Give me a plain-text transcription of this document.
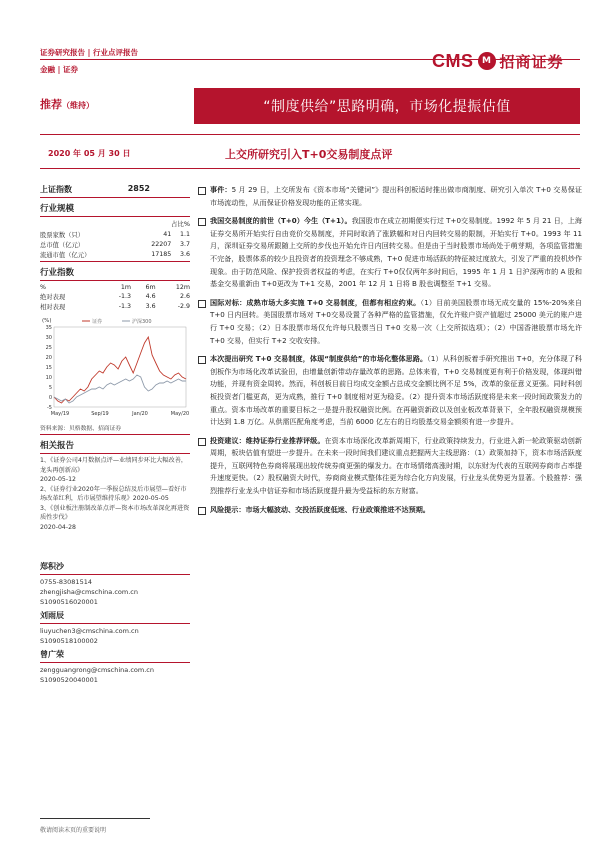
证券研究报告 | 行业点评报告
金融 | 证券	CMS M 招商证券
推荐（维持）	“制度供给”思路明确，市场化提振估值
2020 年 05 月 30 日	上交所研究引入T+0交易制度点评
上证指数	2852
行业规模
占比%
股票家数（只）	41	1.1
总市值（亿元）	22207	3.7
流通市值（亿元）	17185	3.6
行业指数
%	1m	6m	12m
绝对表现	-1.3	4.6	2.6
相对表现	-1.3	3.6	-2.9
(%)	证券	沪深300
35
30
25
20
15
10
5
0
-5
May/19	Sep/19	Jan/20	May/20
资料来源：贝格数据、招商证券
相关报告
1、《证券公司4月数据点评—业绩同步环比大幅改善，龙头再创新高》
2020-05-12
2、《证券行业2020年一季报总结及后市展望—看好市场改革红利，后市展望维持乐观》2020-05-05
3、《创业板注册制改革点评—资本市场改革深化再进资质性步伐》
2020-04-28
郑积沙
0755-83081514
zhengjisha@cmschina.com.cn
S1090516020001
刘雨辰
liuyuchen3@cmschina.com.cn
S1090518100002
曾广荣
zengguangrong@cmschina.com.cn
S1090520040001

事件：5 月 29 日，上交所发布《资本市场“关键词”》提出科创板适时推出做市商制度、研究引入单次 T+0 交易保证市场流动性，从而保证价格发现功能的正常实现。

我国交易制度的前世（T+0）今生（T+1）。我国股市在成立初期便实行过 T+0交易制度。1992 年 5 月 21 日，上海证券交易所开始实行自由竞价交易制度，并同时取消了涨跌幅和对日内回转交易的限制，开始实行 T+0。1993 年 11 月，深圳证券交易所跟随上交所的步伐也开始允许日内回转交易。但是由于当时股票市场尚处于萌芽期，各项监管措施不完备，股票体系的较少且投资者的投资理念不够成熟，T+0 促进市场活跃的特征被过度放大，引发了严重的投机炒作现象。由于防范风险、保护投资者权益的考虑，在实行 T+0仅仅两年多时间后，1995 年 1 月 1 日沪深两市的 A 股和基金交易重新由 T+0更改为 T+1 交易，2001 年 12 月 1 日将 B 股也调整至 T+1 交易。

国际对标：成熟市场大多实施 T+0 交易制度，但都有相应约束。（1）目前美国股票市场无成交量的 15%-20%来自 T+0 日内回转。美国股票市场对 T+0交易设置了各种严格的监管措施，仅允许账户资产值超过 25000 美元的账户进行 T+0 交易；（2）日本股票市场仅允许每只股票当日 T+0 交易一次（上交所拟选项）；（2）中国香港股票市场允许 T+0 交易，但实行 T+2 交收安排。

本次提出研究 T+0 交易制度，体现“制度供给”的市场化整体思路。（1）从科创板着手研究推出 T+0，充分体现了科创板作为市场化改革试验田，由增量创新带动存量改革的思路。总体来看，T+0 交易制度更有利于价格发现，体现纠错功能，并现有资金周转。然而，科创板目前日均成交金额占总成交金额比例不足 5%，改革的象征意义更强。同时科创板投资者门槛更高，更为成熟，推行 T+0 制度相对更为稳妥。（2）提升资本市场活跃度将是未来一段时间政策发力的重点。资本市场改革的重要目标之一是提升股权融资比例。在再融资新政以及创业板改革背景下，全年股权融资规模预计达到 1.8 万亿。从供需匹配角度考虑，当前 6000 亿左右的日均股基交易金额须有进一步提升。

投资建议：维持证券行业推荐评级。在资本市场深化改革新周期下，行业政策持续发力，行业进入新一轮政策驱动创新周期，板块估值有望进一步提升。在未来一段时间我们建议重点把握两大主线思路：（1）政策加持下，资本市场活跃度提升，互联网特色券商将展现出较传统券商更强的爆发力。在市场情绪高涨时期，以东财为代表的互联网券商市占率提升速度更快。（2）股权融资大时代，券商商业模式整体往更为综合化方向发展，行业龙头优势更为显著。个股推荐：强烈推荐行业龙头中信证券和市场活跃度提升最为受益标的东方财富。

风险提示：市场大幅波动、交投活跃度低迷、行业政策推进不达预期。

敬请阅读末页的重要说明
